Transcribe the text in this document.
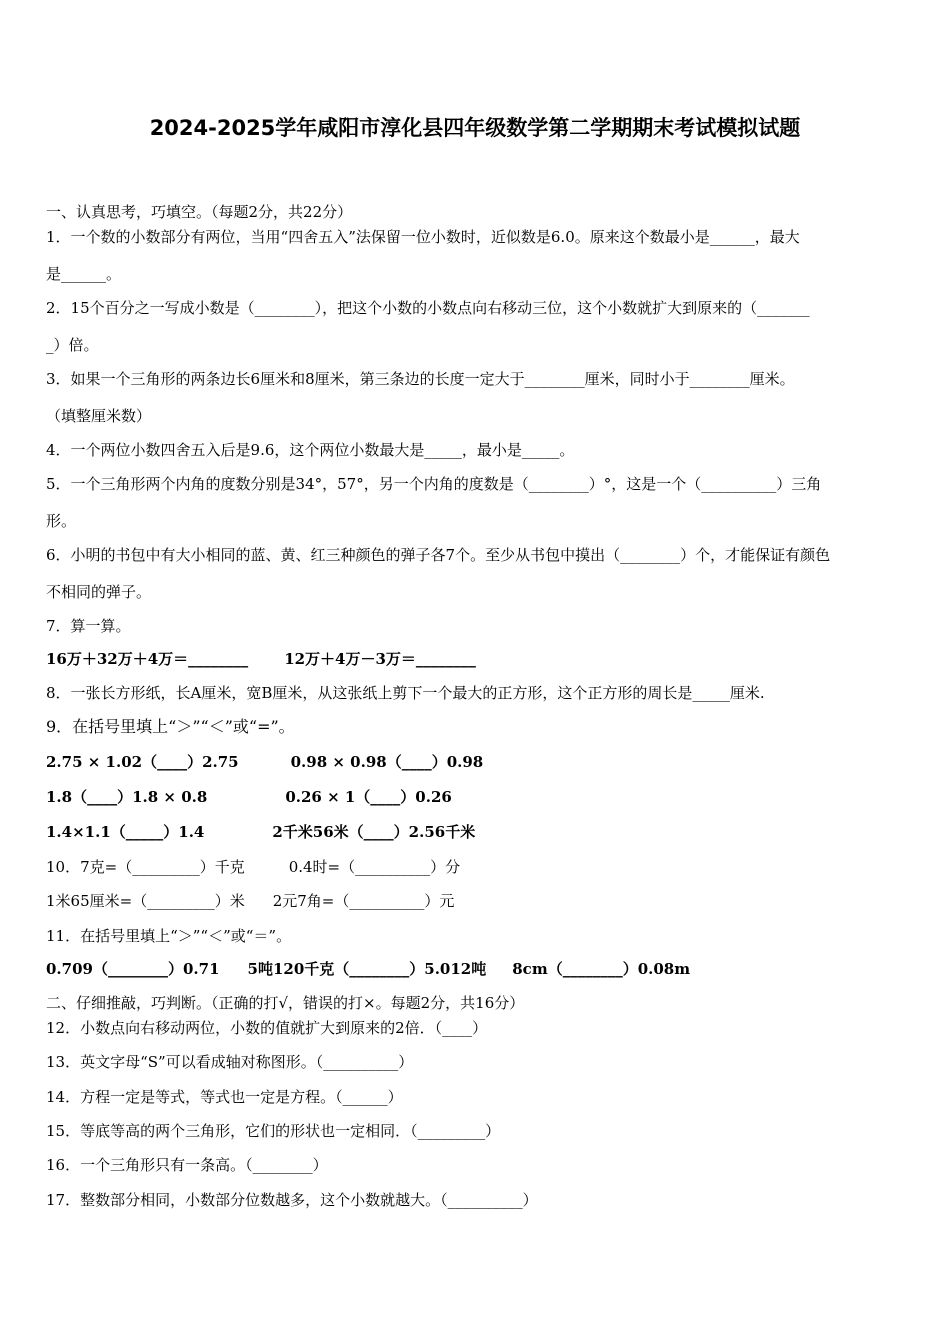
2024-2025学年咸阳市淳化县四年级数学第二学期期末考试模拟试题
一、认真思考，巧填空。（每题2分，共22分）
1．一个数的小数部分有两位，当用“四舍五入”法保留一位小数时，近似数是6.0。原来这个数最小是______，最大
是______。
2．15个百分之一写成小数是（________），把这个小数的小数点向右移动三位，这个小数就扩大到原来的（_______
_）倍。
3．如果一个三角形的两条边长6厘米和8厘米，第三条边的长度一定大于________厘米，同时小于________厘米。
（填整厘米数）
4．一个两位小数四舍五入后是9.6，这个两位小数最大是_____，最小是_____。
5．一个三角形两个内角的度数分别是34°，57°，另一个内角的度数是（________）°，这是一个（__________）三角
形。
6．小明的书包中有大小相同的蓝、黄、红三种颜色的弹子各7个。至少从书包中摸出（________）个，才能保证有颜色
不相同的弹子。
7．算一算。
16万＋32万＋4万＝________ 12万＋4万－3万＝________
8．一张长方形纸，长A厘米，宽B厘米，从这张纸上剪下一个最大的正方形，这个正方形的周长是_____厘米.
9．在括号里填上“＞”“＜”或“=”。
2.75 × 1.02（____）2.75	0.98 × 0.98（____）0.98
1.8（____）1.8 × 0.8	0.26 × 1（____）0.26
1.4×1.1（_____）1.4	2千米56米（____）2.56千米
10．7克=（_________）千克	0.4时=（__________）分
1米65厘米=（_________）米 2元7角=（__________）元
11．在括号里填上“＞”“＜”或“＝”。
0.709（________）0.71 5吨120千克（________）5.012吨 8cm（________）0.08m
二、仔细推敲，巧判断。（正确的打√，错误的打×。每题2分，共16分）
12．小数点向右移动两位，小数的值就扩大到原来的2倍．（____）
13．英文字母“S”可以看成轴对称图形。（__________）
14．方程一定是等式，等式也一定是方程。（______）
15．等底等高的两个三角形，它们的形状也一定相同．（_________）
16．一个三角形只有一条高。（________）
17．整数部分相同，小数部分位数越多，这个小数就越大。（__________）
